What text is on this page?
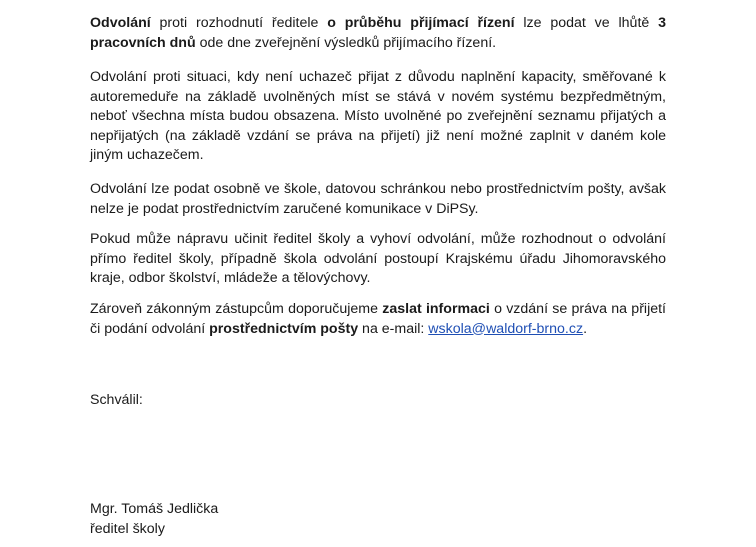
Odvolání proti rozhodnutí ředitele o průběhu přijímací řízení lze podat ve lhůtě 3 pracovních dnů ode dne zveřejnění výsledků přijímacího řízení.

Odvolání proti situaci, kdy není uchazeč přijat z důvodu naplnění kapacity, směřované k autoremeduře na základě uvolněných míst se stává v novém systému bezpředmětným, neboť všechna místa budou obsazena. Místo uvolněné po zveřejnění seznamu přijatých a nepřijatých (na základě vzdání se práva na přijetí) již není možné zaplnit v daném kole jiným uchazečem.

Odvolání lze podat osobně ve škole, datovou schránkou nebo prostřednictvím pošty, avšak nelze je podat prostřednictvím zaručené komunikace v DiPSy.

Pokud může nápravu učinit ředitel školy a vyhoví odvolání, může rozhodnout o odvolání přímo ředitel školy, případně škola odvolání postoupí Krajskému úřadu Jihomoravského kraje, odbor školství, mládeže a tělovýchovy.

Zároveň zákonným zástupcům doporučujeme zaslat informaci o vzdání se práva na přijetí či podání odvolání prostřednictvím pošty na e-mail: wskola@waldorf-brno.cz.

Schválil:
Mgr. Tomáš Jedlička
ředitel školy
